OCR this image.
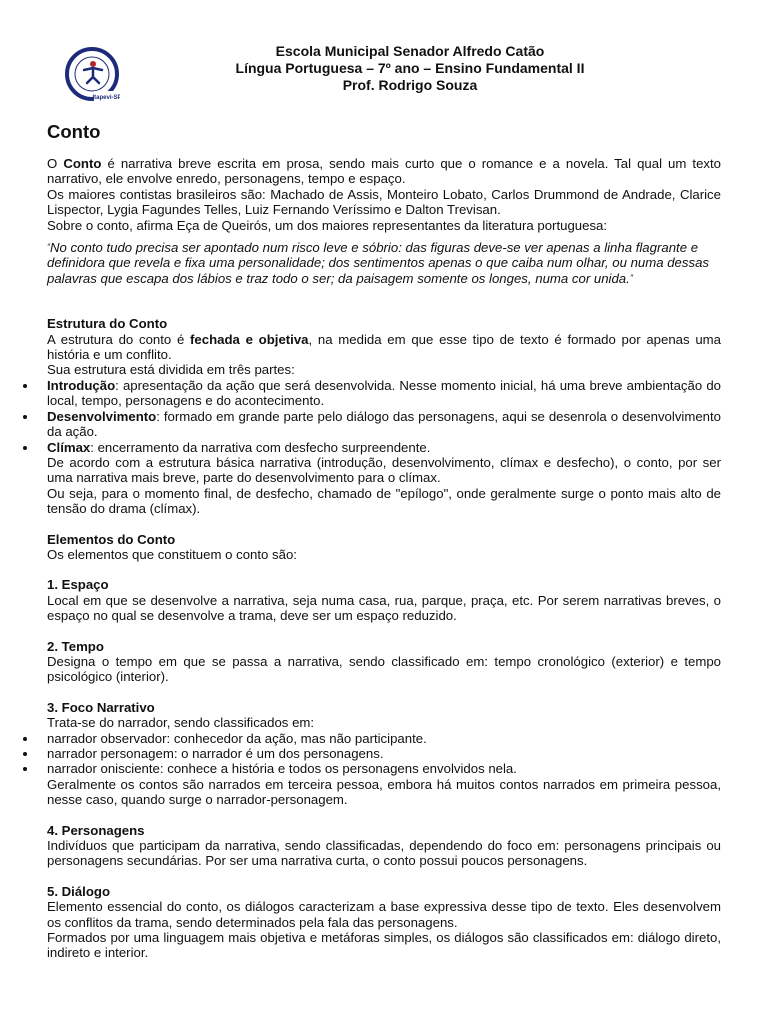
Itapevi-SP
Escola Municipal Senador Alfredo Catão
Língua Portuguesa – 7º ano – Ensino Fundamental II
Prof. Rodrigo Souza
Conto

O Conto é narrativa breve escrita em prosa, sendo mais curto que o romance e a novela. Tal qual um texto narrativo, ele envolve enredo, personagens, tempo e espaço.

Os maiores contistas brasileiros são: Machado de Assis, Monteiro Lobato, Carlos Drummond de Andrade, Clarice Lispector, Lygia Fagundes Telles, Luiz Fernando Veríssimo e Dalton Trevisan.

Sobre o conto, afirma Eça de Queirós, um dos maiores representantes da literatura portuguesa:

“No conto tudo precisa ser apontado num risco leve e sóbrio: das figuras deve-se ver apenas a linha flagrante e definidora que revela e fixa uma personalidade; dos sentimentos apenas o que caiba num olhar, ou numa dessas palavras que escapa dos lábios e traz todo o ser; da paisagem somente os longes, numa cor unida.”

Estrutura do Conto

A estrutura do conto é fechada e objetiva, na medida em que esse tipo de texto é formado por apenas uma história e um conflito.

Sua estrutura está dividida em três partes:

Introdução: apresentação da ação que será desenvolvida. Nesse momento inicial, há uma breve ambientação do local, tempo, personagens e do acontecimento.
Desenvolvimento: formado em grande parte pelo diálogo das personagens, aqui se desenrola o desenvolvimento da ação.
Clímax: encerramento da narrativa com desfecho surpreendente.

De acordo com a estrutura básica narrativa (introdução, desenvolvimento, clímax e desfecho), o conto, por ser uma narrativa mais breve, parte do desenvolvimento para o clímax.

Ou seja, para o momento final, de desfecho, chamado de "epílogo", onde geralmente surge o ponto mais alto de tensão do drama (clímax).

Elementos do Conto

Os elementos que constituem o conto são:

1. Espaço

Local em que se desenvolve a narrativa, seja numa casa, rua, parque, praça, etc. Por serem narrativas breves, o espaço no qual se desenvolve a trama, deve ser um espaço reduzido.

2. Tempo

Designa o tempo em que se passa a narrativa, sendo classificado em: tempo cronológico (exterior) e tempo psicológico (interior).

3. Foco Narrativo

Trata-se do narrador, sendo classificados em:

narrador observador: conhecedor da ação, mas não participante.
narrador personagem: o narrador é um dos personagens.
narrador onisciente: conhece a história e todos os personagens envolvidos nela.

Geralmente os contos são narrados em terceira pessoa, embora há muitos contos narrados em primeira pessoa, nesse caso, quando surge o narrador-personagem.

4. Personagens

Indivíduos que participam da narrativa, sendo classificadas, dependendo do foco em: personagens principais ou personagens secundárias. Por ser uma narrativa curta, o conto possui poucos personagens.

5. Diálogo

Elemento essencial do conto, os diálogos caracterizam a base expressiva desse tipo de texto. Eles desenvolvem os conflitos da trama, sendo determinados pela fala das personagens.

Formados por uma linguagem mais objetiva e metáforas simples, os diálogos são classificados em: diálogo direto, indireto e interior.
